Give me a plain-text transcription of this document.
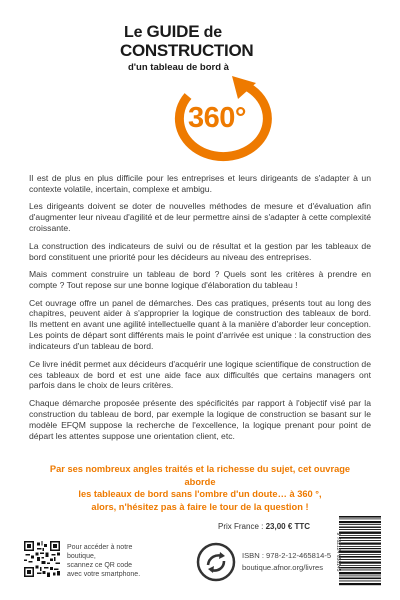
Le GUIDE de
CONSTRUCTION
d'un tableau de bord à
360°

Il est de plus en plus difficile pour les entreprises et leurs dirigeants de s'adapter à un contexte volatile, incertain, complexe et ambigu.

Les dirigeants doivent se doter de nouvelles méthodes de mesure et d'évaluation afin d'augmenter leur niveau d'agilité et de leur permettre ainsi de s'adapter à cette complexité croissante.

La construction des indicateurs de suivi ou de résultat et la gestion par les tableaux de bord constituent une priorité pour les décideurs au niveau des entreprises.

Mais comment construire un tableau de bord ? Quels sont les critères à prendre en compte ? Tout repose sur une bonne logique d'élaboration du tableau !

Cet ouvrage offre un panel de démarches. Des cas pratiques, présents tout au long des chapitres, peuvent aider à s'approprier la logique de construction des tableaux de bord. Ils mettent en avant une agilité intellectuelle quant à la manière d'aborder leur conception. Les points de départ sont différents mais le point d'arrivée est unique : la construction des indicateurs d'un tableau de bord.

Ce livre inédit permet aux décideurs d'acquérir une logique scientifique de construction de ces tableaux de bord et est une aide face aux difficultés que certains managers ont parfois dans le choix de leurs critères.

Chaque démarche proposée présente des spécificités par rapport à l'objectif visé par la construction du tableau de bord, par exemple la logique de construction se basant sur le modèle EFQM suppose la recherche de l'excellence, la logique prenant pour point de départ les attentes suppose une orientation client, etc.

Par ses nombreux angles traités et la richesse du sujet, cet ouvrage aborde
les tableaux de bord sans l'ombre d'un doute… à 360 °,
alors, n'hésitez pas à faire le tour de la question !
Prix France : 23,00 € TTC
Pour accéder à notre boutique,
scannez ce QR code
avec votre smartphone.
ISBN : 978-2-12-465814-5
boutique.afnor.org/livres	9 782124 658145
